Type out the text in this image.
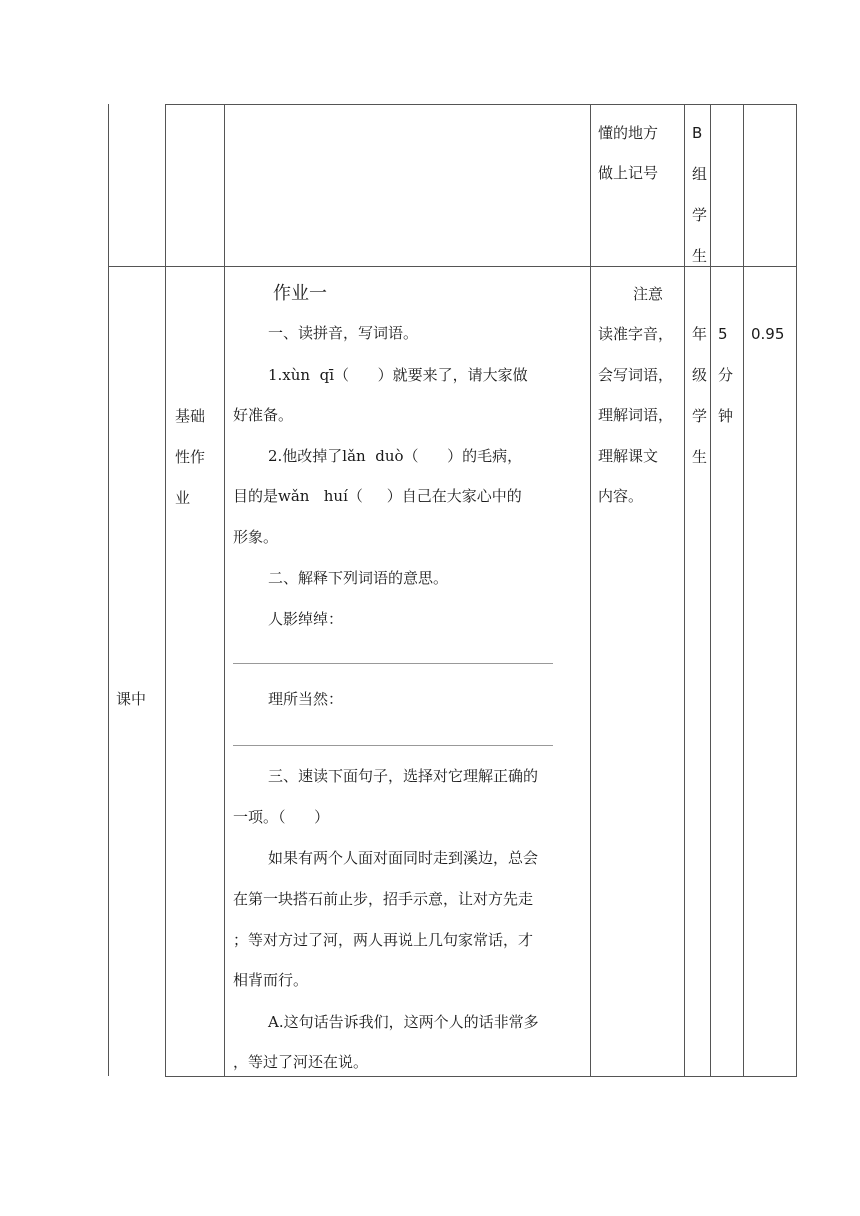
懂的地方
做上记号
B
组
学
生
课中
基础
性作
业
作业一
一、读拼音，写词语。
1.xùn  qī（      ）就要来了，请大家做
好准备。
2.他改掉了lǎn  duò（      ）的毛病，
目的是wǎn   huí（     ）自己在大家心中的
形象。
二、解释下列词语的意思。
人影绰绰：
理所当然：
三、速读下面句子，选择对它理解正确的
一项。（      ）
如果有两个人面对面同时走到溪边，总会
在第一块搭石前止步，招手示意，让对方先走
；等对方过了河，两人再说上几句家常话，才
相背而行。
A.这句话告诉我们，这两个人的话非常多
，等过了河还在说。
注意
读准字音，
会写词语，
理解词语，
理解课文
内容。
年
级
学
生
5
分
钟
0.95
